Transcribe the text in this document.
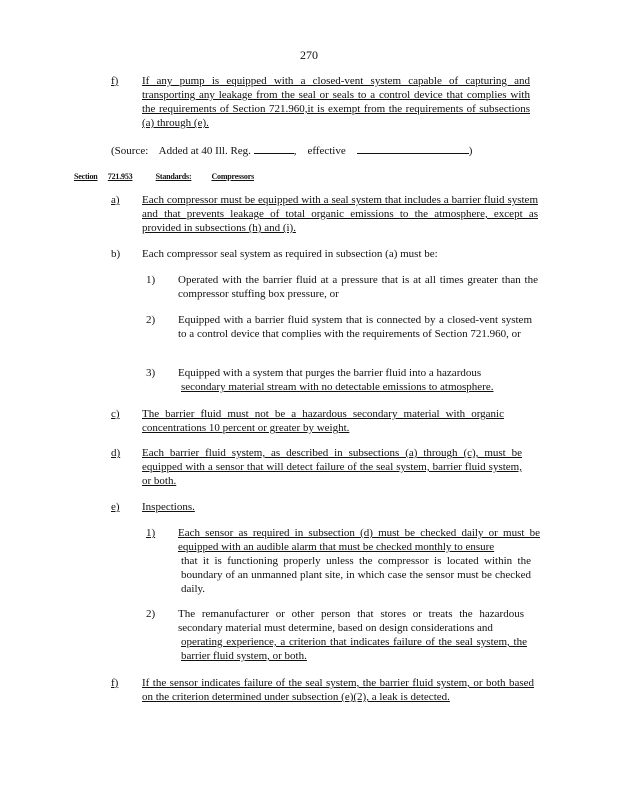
270
f) If any pump is equipped with a closed-vent system capable of capturing and transporting any leakage from the seal or seals to a control device that complies with the requirements of Section 721.960,it is exempt from the requirements of subsections (a) through (e).
(Source: Added at 40 Ill. Reg.	,    effective	)
Section 721.953	Standards:	Compressors
a) Each compressor must be equipped with a seal system that includes a barrier fluid system and that prevents leakage of total organic emissions to the atmosphere, except as provided in subsections (h) and (i).
b) Each compressor seal system as required in subsection (a) must be:
1) Operated with the barrier fluid at a pressure that is at all times greater than the compressor stuffing box pressure, or
2) Equipped with a barrier fluid system that is connected by a closed-vent system to a control device that complies with the requirements of Section 721.960, or
3) Equipped with a system that purges the barrier fluid into a hazardous
secondary material stream with no detectable emissions to atmosphere.
c) The barrier fluid must not be a hazardous secondary material with organic concentrations 10 percent or greater by weight.
d) Each barrier fluid system, as described in subsections (a) through (c), must be equipped with a sensor that will detect failure of the seal system, barrier fluid system, or both.
e) Inspections.
1) Each sensor as required in subsection (d) must be checked daily or must be equipped with an audible alarm that must be checked monthly to ensure
that it is functioning properly unless the compressor is located within the boundary of an unmanned plant site, in which case the sensor must be checked daily.
2) The remanufacturer or other person that stores or treats the hazardous secondary material must determine, based on design considerations and
operating experience, a criterion that indicates failure of the seal system, the barrier fluid system, or both.
f) If the sensor indicates failure of the seal system, the barrier fluid system, or both based on the criterion determined under subsection (e)(2), a leak is detected.
